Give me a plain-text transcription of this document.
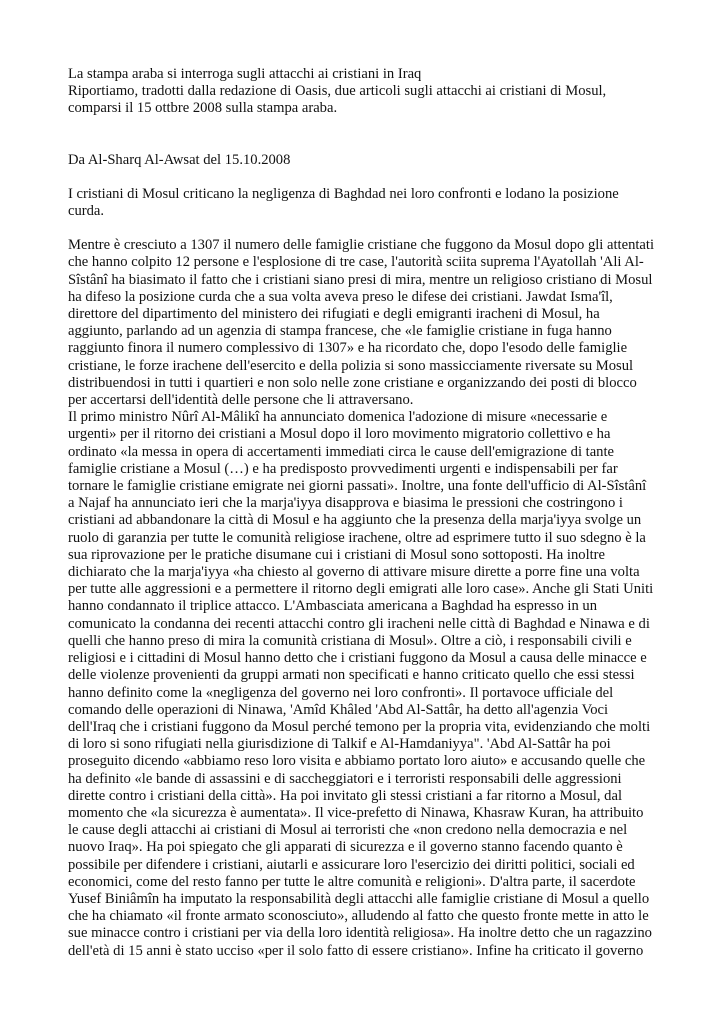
La stampa araba si interroga sugli attacchi ai cristiani in Iraq

Riportiamo, tradotti dalla redazione di Oasis, due articoli sugli attacchi ai cristiani di Mosul, comparsi il 15 ottbre 2008 sulla stampa araba.

Da Al-Sharq Al-Awsat del 15.10.2008

I cristiani di Mosul criticano la negligenza di Baghdad nei loro confronti e lodano la posizione curda.

Mentre è cresciuto a 1307 il numero delle famiglie cristiane che fuggono da Mosul dopo gli attentati che hanno colpito 12 persone e l'esplosione di tre case, l'autorità sciita suprema l'Ayatollah 'Ali Al-Sîstânî ha biasimato il fatto che i cristiani siano presi di mira, mentre un religioso cristiano di Mosul ha difeso la posizione curda che a sua volta aveva preso le difese dei cristiani. Jawdat Isma'îl, direttore del dipartimento del ministero dei rifugiati e degli emigranti iracheni di Mosul, ha aggiunto, parlando ad un agenzia di stampa francese, che «le famiglie cristiane in fuga hanno raggiunto finora il numero complessivo di 1307» e ha ricordato che, dopo l'esodo delle famiglie cristiane, le forze irachene dell'esercito e della polizia si sono massicciamente riversate su Mosul distribuendosi in tutti i quartieri e non solo nelle zone cristiane e organizzando dei posti di blocco per accertarsi dell'identità delle persone che li attraversano.

Il primo ministro Nûrî Al-Mâlikî ha annunciato domenica l'adozione di misure «necessarie e urgenti» per il ritorno dei cristiani a Mosul dopo il loro movimento migratorio collettivo e ha ordinato «la messa in opera di accertamenti immediati circa le cause dell'emigrazione di tante famiglie cristiane a Mosul (…) e ha predisposto provvedimenti urgenti e indispensabili per far tornare le famiglie cristiane emigrate nei giorni passati». Inoltre, una fonte dell'ufficio di Al-Sîstânî a Najaf ha annunciato ieri che la marja'iyya disapprova e biasima le pressioni che costringono i cristiani ad abbandonare la città di Mosul e ha aggiunto che la presenza della marja'iyya svolge un ruolo di garanzia per tutte le comunità religiose irachene, oltre ad esprimere tutto il suo sdegno è la sua riprovazione per le pratiche disumane cui i cristiani di Mosul sono sottoposti. Ha inoltre dichiarato che la marja'iyya «ha chiesto al governo di attivare misure dirette a porre fine una volta per tutte alle aggressioni e a permettere il ritorno degli emigrati alle loro case». Anche gli Stati Uniti hanno condannato il triplice attacco. L'Ambasciata americana a Baghdad ha espresso in un comunicato la condanna dei recenti attacchi contro gli iracheni nelle città di Baghdad e Ninawa e di quelli che hanno preso di mira la comunità cristiana di Mosul». Oltre a ciò, i responsabili civili e religiosi e i cittadini di Mosul hanno detto che i cristiani fuggono da Mosul a causa delle minacce e delle violenze provenienti da gruppi armati non specificati e hanno criticato quello che essi stessi hanno definito come la «negligenza del governo nei loro confronti». Il portavoce ufficiale del comando delle operazioni di Ninawa, 'Amîd Khâled 'Abd Al-Sattâr, ha detto all'agenzia Voci dell'Iraq che i cristiani fuggono da Mosul perché temono per la propria vita, evidenziando che molti di loro si sono rifugiati nella giurisdizione di Talkif e Al-Hamdaniyya". 'Abd Al-Sattâr ha poi proseguito dicendo «abbiamo reso loro visita e abbiamo portato loro aiuto» e accusando quelle che ha definito «le bande di assassini e di saccheggiatori e i terroristi responsabili delle aggressioni dirette contro i cristiani della città». Ha poi invitato gli stessi cristiani a far ritorno a Mosul, dal momento che «la sicurezza è aumentata». Il vice-prefetto di Ninawa, Khasraw Kuran, ha attribuito le cause degli attacchi ai cristiani di Mosul ai terroristi che «non credono nella democrazia e nel nuovo Iraq». Ha poi spiegato che gli apparati di sicurezza e il governo stanno facendo quanto è possibile per difendere i cristiani, aiutarli e assicurare loro l'esercizio dei diritti politici, sociali ed economici, come del resto fanno per tutte le altre comunità e religioni». D'altra parte, il sacerdote Yusef Biniâmîn ha imputato la responsabilità degli attacchi alle famiglie cristiane di Mosul a quello che ha chiamato «il fronte armato sconosciuto», alludendo al fatto che questo fronte mette in atto le sue minacce contro i cristiani per via della loro identità religiosa». Ha inoltre detto che un ragazzino dell'età di 15 anni è stato ucciso «per il solo fatto di essere cristiano». Infine ha criticato il governo
